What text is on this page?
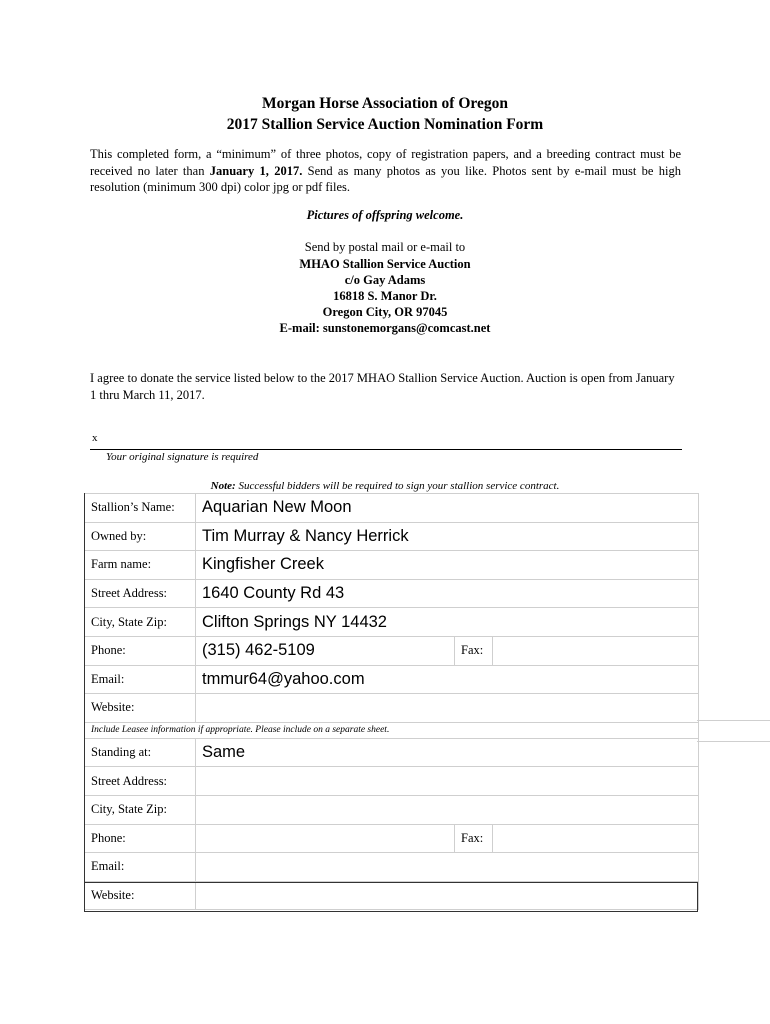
Morgan Horse Association of Oregon
2017 Stallion Service Auction Nomination Form
This completed form, a “minimum” of three photos, copy of registration papers, and a breeding contract must be received no later than January 1, 2017. Send as many photos as you like. Photos sent by e-mail must be high resolution (minimum 300 dpi) color jpg or pdf files.
Pictures of offspring welcome.
Send by postal mail or e-mail to
MHAO Stallion Service Auction
c/o Gay Adams
16818 S. Manor Dr.
Oregon City, OR 97045
E-mail: sunstonemorgans@comcast.net
I agree to donate the service listed below to the 2017 MHAO Stallion Service Auction. Auction is open from January 1 thru March 11, 2017.
x
Your original signature is required
Note: Successful bidders will be required to sign your stallion service contract.
Stallion’s Name:	Aquarian New Moon		
Owned by:	Tim Murray & Nancy Herrick		
Farm name:	Kingfisher Creek		
Street Address:	1640 County Rd 43		
City, State Zip:	Clifton Springs NY 14432		
Phone:	(315) 462-5109	Fax:	
Email:	tmmur64@yahoo.com		
Website:			
Include Leasee information if appropriate. Please include on a separate sheet.			
Standing at:	Same		
Street Address:			
City, State Zip:			
Phone:		Fax:	
Email:			
Website:			
